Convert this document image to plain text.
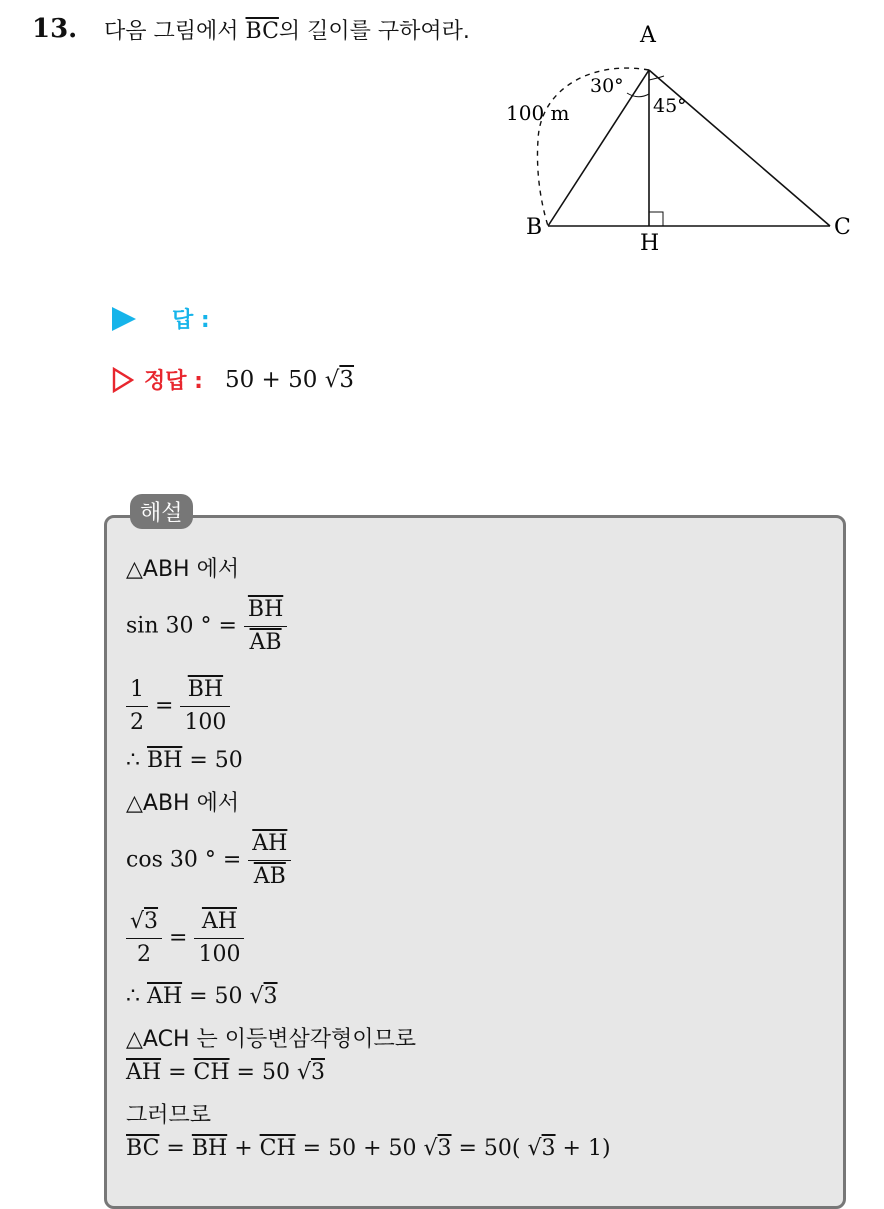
13. 다음 그림에서 $\overline{BC}$의 길이를 구하여라.	A
B	C
H
100 m
30°
45°
답 :
정답 : 50 + 50 √3
해설
△ABH 에서
sin 30 ° = $\frac{\overline{BH}}{AB}$
$\frac{1}{2} = \frac{\overline{BH}}{100}$
∴ $\overline{BH} = 50$
△ABH 에서
cos 30 ° = $\frac{\overline{AH}}{AB}$
$\frac{√3}{2} = \frac{\overline{AH}}{100}$
∴ $\overline{AH} = 50$ √3
△ACH 는 이등변삼각형이므로
$\overline{AH} = \overline{CH} = 50$ √3
그러므로
$\overline{BC} = \overline{BH} + \overline{CH} = 50 + 50$ √3 = 50( √3 + 1)
